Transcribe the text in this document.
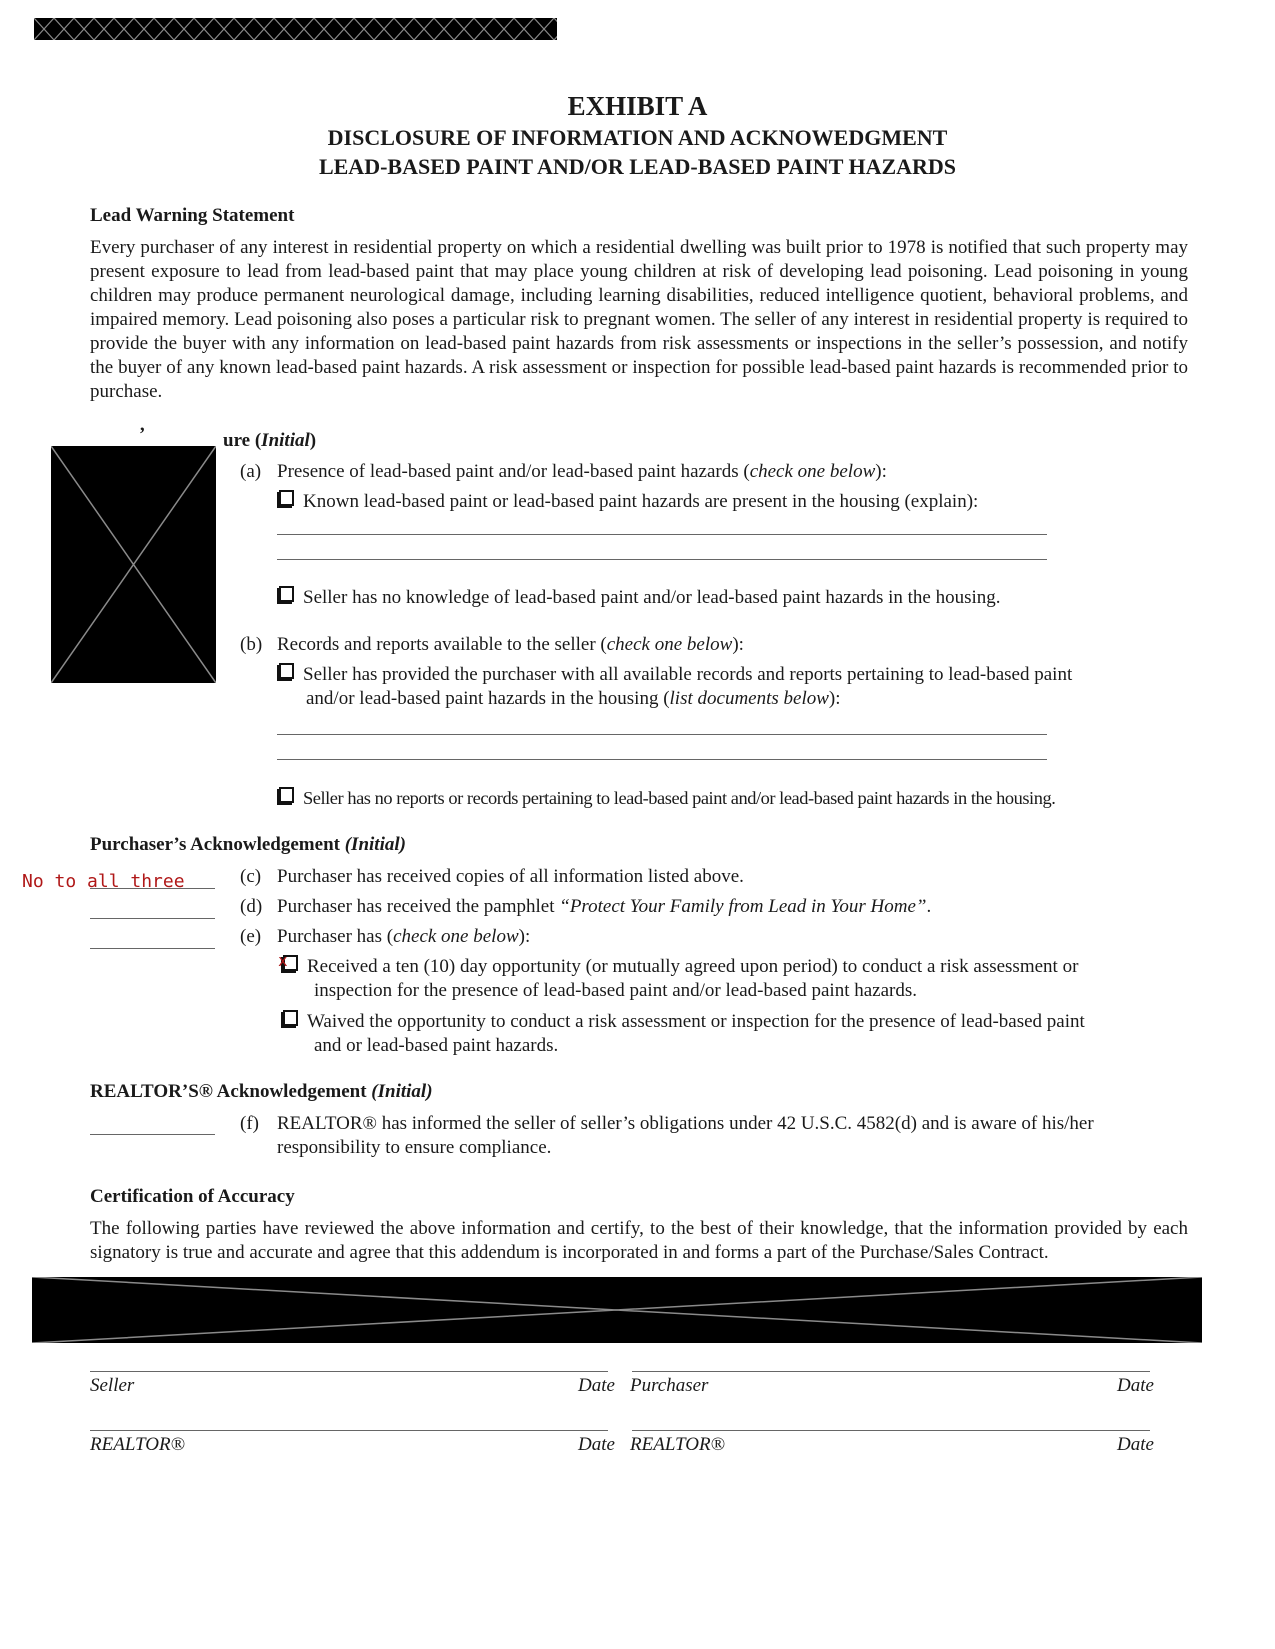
EXHIBIT A
DISCLOSURE OF INFORMATION AND ACKNOWEDGMENT
LEAD-BASED PAINT AND/OR LEAD-BASED PAINT HAZARDS
Lead Warning Statement
Every purchaser of any interest in residential property on which a residential dwelling was built prior to 1978 is notified that such property may present exposure to lead from lead-based paint that may place young children at risk of developing lead poisoning. Lead poisoning in young children may produce permanent neurological damage, including learning disabilities, reduced intelligence quotient, behavioral problems, and impaired memory. Lead poisoning also poses a particular risk to pregnant women. The seller of any interest in residential property is required to provide the buyer with any information on lead-based paint hazards from risk assessments or inspections in the seller’s possession, and notify the buyer of any known lead-based paint hazards. A risk assessment or inspection for possible lead-based paint hazards is recommended prior to purchase.
’	ure (Initial)
(a) Presence of lead-based paint and/or lead-based paint hazards (check one below):
Known lead-based paint or lead-based paint hazards are present in the housing (explain):
Seller has no knowledge of lead-based paint and/or lead-based paint hazards in the housing.
(b) Records and reports available to the seller (check one below):
Seller has provided the purchaser with all available records and reports pertaining to lead-based paint
and/or lead-based paint hazards in the housing (list documents below):
Seller has no reports or records pertaining to lead-based paint and/or lead-based paint hazards in the housing.
Purchaser’s Acknowledgement (Initial)
No to all three	(c) Purchaser has received copies of all information listed above.
(d) Purchaser has received the pamphlet “Protect Your Family from Lead in Your Home”.
(e) Purchaser has (check one below):
Received a ten (10) day opportunity (or mutually agreed upon period) to conduct a risk assessment or
x
inspection for the presence of lead-based paint and/or lead-based paint hazards.
Waived the opportunity to conduct a risk assessment or inspection for the presence of lead-based paint
and or lead-based paint hazards.
REALTOR’S® Acknowledgement (Initial)
(f) REALTOR® has informed the seller of seller’s obligations under 42 U.S.C. 4582(d) and is aware of his/her
responsibility to ensure compliance.
Certification of Accuracy
The following parties have reviewed the above information and certify, to the best of their knowledge, that the information provided by each signatory is true and accurate and agree that this addendum is incorporated in and forms a part of the Purchase/Sales Contract.
Seller	Date Purchaser	Date
REALTOR®	Date REALTOR®	Date
